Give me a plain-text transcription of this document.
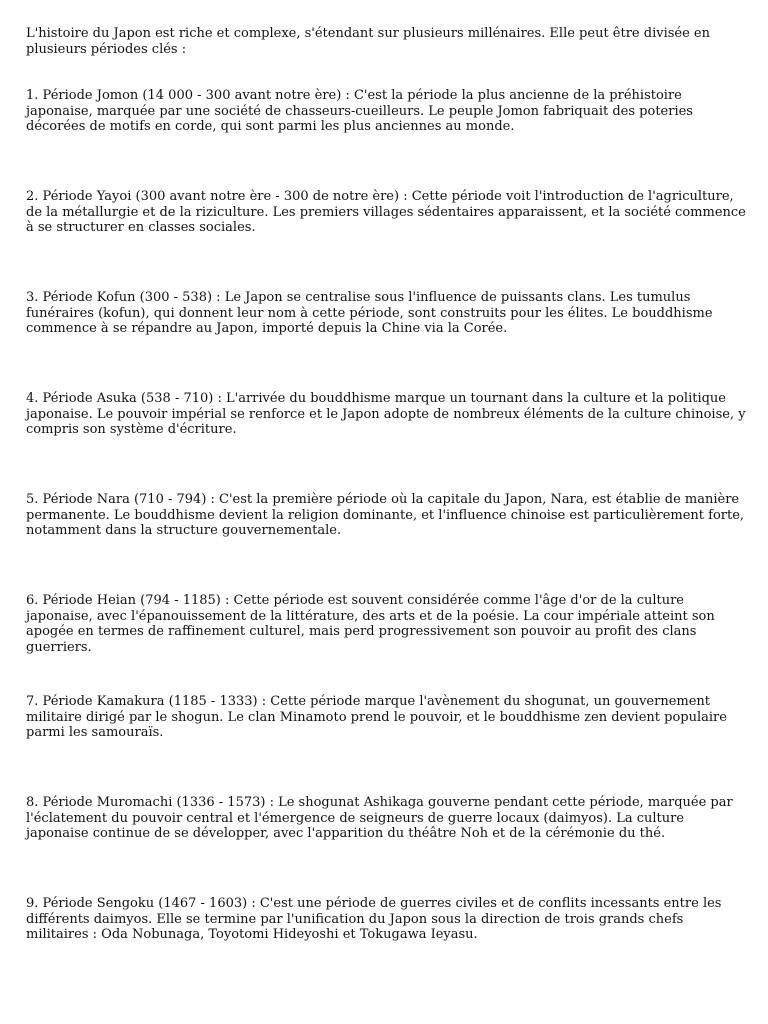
L'histoire du Japon est riche et complexe, s'étendant sur plusieurs millénaires. Elle peut être divisée en plusieurs périodes clés :

1. Période Jomon (14 000 - 300 avant notre ère) : C'est la période la plus ancienne de la préhistoire japonaise, marquée par une société de chasseurs-cueilleurs. Le peuple Jomon fabriquait des poteries décorées de motifs en corde, qui sont parmi les plus anciennes au monde.

2. Période Yayoi (300 avant notre ère - 300 de notre ère) : Cette période voit l'introduction de l'agriculture, de la métallurgie et de la riziculture. Les premiers villages sédentaires apparaissent, et la société commence à se structurer en classes sociales.

3. Période Kofun (300 - 538) : Le Japon se centralise sous l'influence de puissants clans. Les tumulus funéraires (kofun), qui donnent leur nom à cette période, sont construits pour les élites. Le bouddhisme commence à se répandre au Japon, importé depuis la Chine via la Corée.

4. Période Asuka (538 - 710) : L'arrivée du bouddhisme marque un tournant dans la culture et la politique japonaise. Le pouvoir impérial se renforce et le Japon adopte de nombreux éléments de la culture chinoise, y compris son système d'écriture.

5. Période Nara (710 - 794) : C'est la première période où la capitale du Japon, Nara, est établie de manière permanente. Le bouddhisme devient la religion dominante, et l'influence chinoise est particulièrement forte, notamment dans la structure gouvernementale.

6. Période Heian (794 - 1185) : Cette période est souvent considérée comme l'âge d'or de la culture japonaise, avec l'épanouissement de la littérature, des arts et de la poésie. La cour impériale atteint son apogée en termes de raffinement culturel, mais perd progressivement son pouvoir au profit des clans guerriers.

7. Période Kamakura (1185 - 1333) : Cette période marque l'avènement du shogunat, un gouvernement militaire dirigé par le shogun. Le clan Minamoto prend le pouvoir, et le bouddhisme zen devient populaire parmi les samouraïs.

8. Période Muromachi (1336 - 1573) : Le shogunat Ashikaga gouverne pendant cette période, marquée par l'éclatement du pouvoir central et l'émergence de seigneurs de guerre locaux (daimyos). La culture japonaise continue de se développer, avec l'apparition du théâtre Noh et de la cérémonie du thé.

9. Période Sengoku (1467 - 1603) : C'est une période de guerres civiles et de conflits incessants entre les différents daimyos. Elle se termine par l'unification du Japon sous la direction de trois grands chefs militaires : Oda Nobunaga, Toyotomi Hideyoshi et Tokugawa Ieyasu.
